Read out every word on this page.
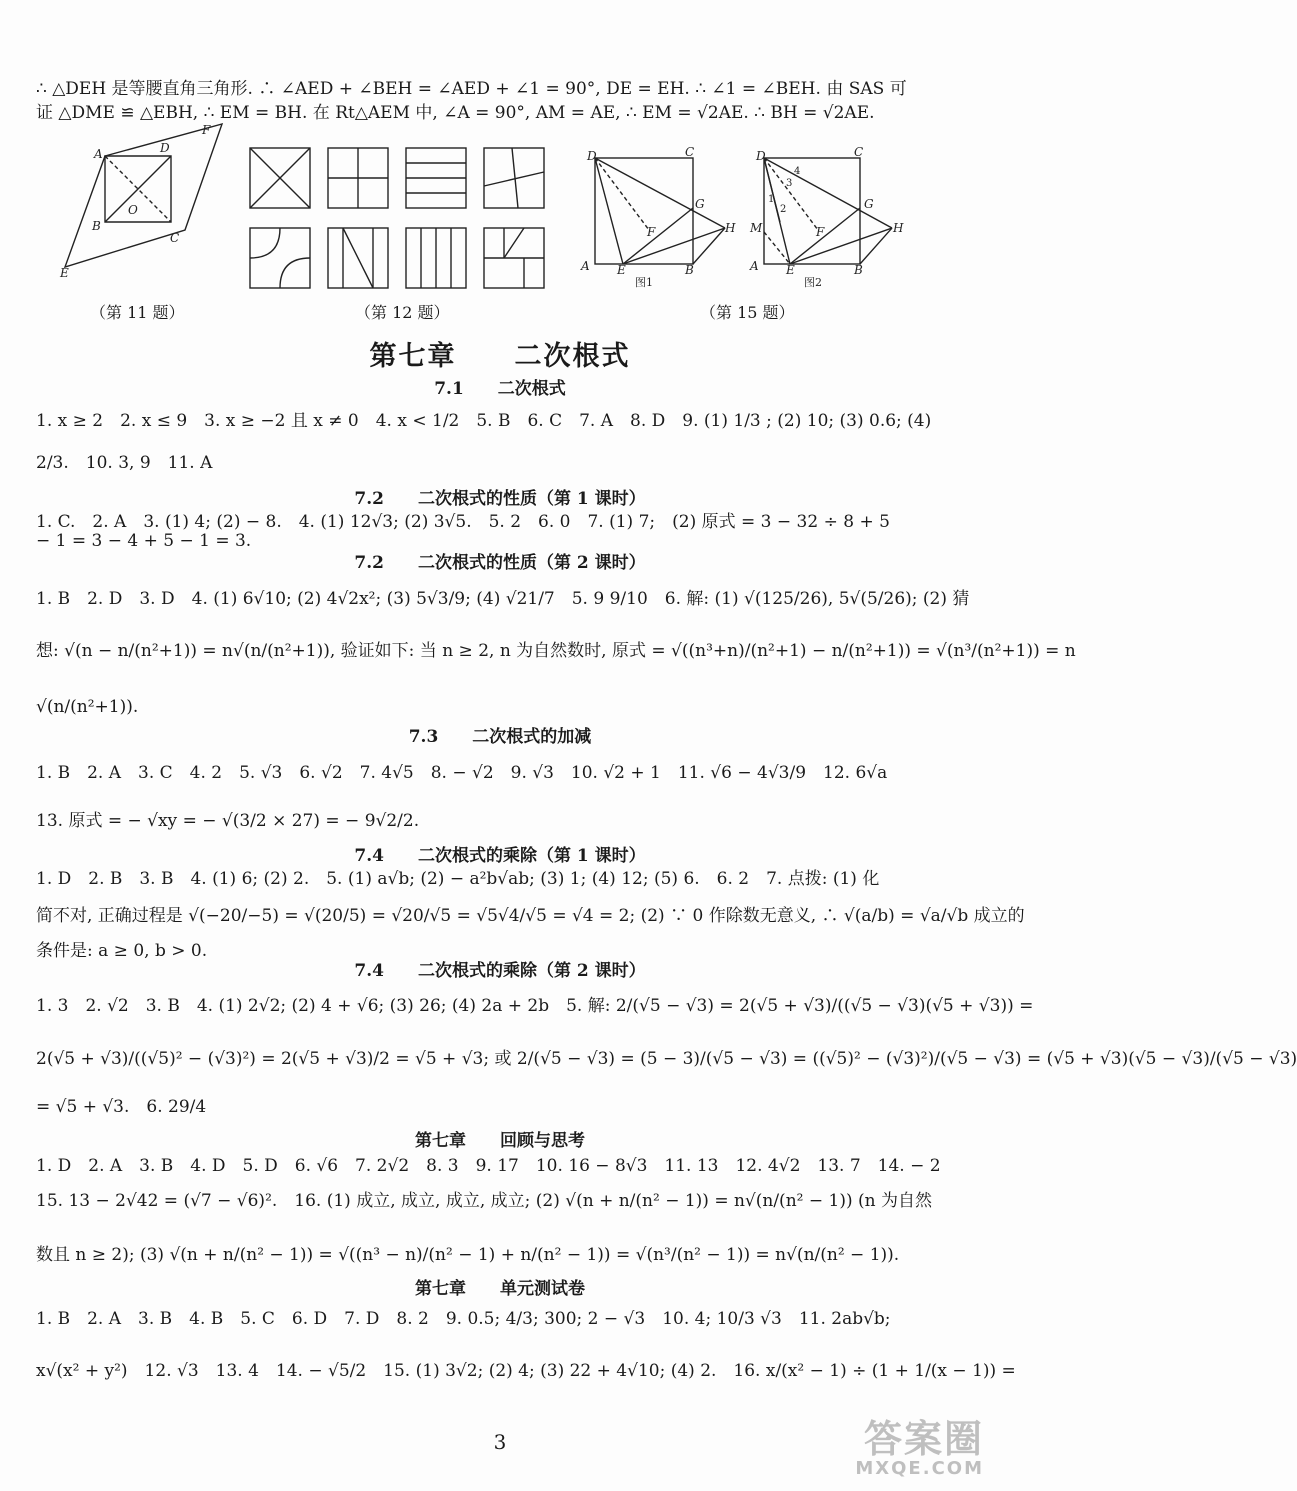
∴ △DEH 是等腰直角三角形. ∴ ∠AED + ∠BEH = ∠AED + ∠1 = 90°, DE = EH. ∴ ∠1 = ∠BEH. 由 SAS 可
证 △DME ≌ △EBH, ∴ EM = BH. 在 Rt△AEM 中, ∠A = 90°, AM = AE, ∴ EM = √2AE. ∴ BH = √2AE.
A	D
F
O
B
C
E
（第 11 题）	（第 12 题）
D	C
G
H
F
A E	B
图1
D	C
4
3
1
2	G
H
F
M
A E	B
图2
（第 15 题）
第七章　　二次根式
7.1　　二次根式
1. x ≥ 2　2. x ≤ 9　3. x ≥ −2 且 x ≠ 0　4. x < 1/2　5. B　6. C　7. A　8. D　9. (1) 1/3 ; (2) 10; (3) 0.6; (4)
2/3.　10. 3, 9　11. A
7.2　　二次根式的性质（第 1 课时）
1. C.　2. A　3. (1) 4; (2) − 8.　4. (1) 12√3; (2) 3√5.　5. 2　6. 0　7. (1) 7;　(2) 原式 = 3 − 32 ÷ 8 + 5
− 1 = 3 − 4 + 5 − 1 = 3.
7.2　　二次根式的性质（第 2 课时）
1. B　2. D　3. D　4. (1) 6√10; (2) 4√2x²; (3) 5√3/9; (4) √21/7　5. 9 9/10　6. 解: (1) √(125/26), 5√(5/26); (2) 猜
想: √(n − n/(n²+1)) = n√(n/(n²+1)), 验证如下: 当 n ≥ 2, n 为自然数时, 原式 = √((n³+n)/(n²+1) − n/(n²+1)) = √(n³/(n²+1)) = n
√(n/(n²+1)).
7.3　　二次根式的加减
1. B　2. A　3. C　4. 2　5. √3　6. √2　7. 4√5　8. − √2　9. √3　10. √2 + 1　11. √6 − 4√3/9　12. 6√a
13. 原式 = − √xy = − √(3/2 × 27) = − 9√2/2.
7.4　　二次根式的乘除（第 1 课时）
1. D　2. B　3. B　4. (1) 6; (2) 2.　5. (1) a√b; (2) − a²b√ab; (3) 1; (4) 12; (5) 6.　6. 2　7. 点拨: (1) 化
简不对, 正确过程是 √(−20/−5) = √(20/5) = √20/√5 = √5√4/√5 = √4 = 2; (2) ∵ 0 作除数无意义, ∴ √(a/b) = √a/√b 成立的
条件是: a ≥ 0, b > 0.
7.4　　二次根式的乘除（第 2 课时）
1. 3　2. √2　3. B　4. (1) 2√2; (2) 4 + √6; (3) 26; (4) 2a + 2b　5. 解: 2/(√5 − √3) = 2(√5 + √3)/((√5 − √3)(√5 + √3)) =
2(√5 + √3)/((√5)² − (√3)²) = 2(√5 + √3)/2 = √5 + √3; 或 2/(√5 − √3) = (5 − 3)/(√5 − √3) = ((√5)² − (√3)²)/(√5 − √3) = (√5 + √3)(√5 − √3)/(√5 − √3)
= √5 + √3.　6. 29/4
第七章　　回顾与思考
1. D　2. A　3. B　4. D　5. D　6. √6　7. 2√2　8. 3　9. 17　10. 16 − 8√3　11. 13　12. 4√2　13. 7　14. − 2
15. 13 − 2√42 = (√7 − √6)².　16. (1) 成立, 成立, 成立, 成立; (2) √(n + n/(n² − 1)) = n√(n/(n² − 1)) (n 为自然
数且 n ≥ 2); (3) √(n + n/(n² − 1)) = √((n³ − n)/(n² − 1) + n/(n² − 1)) = √(n³/(n² − 1)) = n√(n/(n² − 1)).
第七章　　单元测试卷
1. B　2. A　3. B　4. B　5. C　6. D　7. D　8. 2　9. 0.5; 4/3; 300; 2 − √3　10. 4; 10/3 √3　11. 2ab√b;
x√(x² + y²)　12. √3　13. 4　14. − √5/2　15. (1) 3√2; (2) 4; (3) 22 + 4√10; (4) 2.　16. x/(x² − 1) ÷ (1 + 1/(x − 1)) =
3	答案圈
MXQE.COM
